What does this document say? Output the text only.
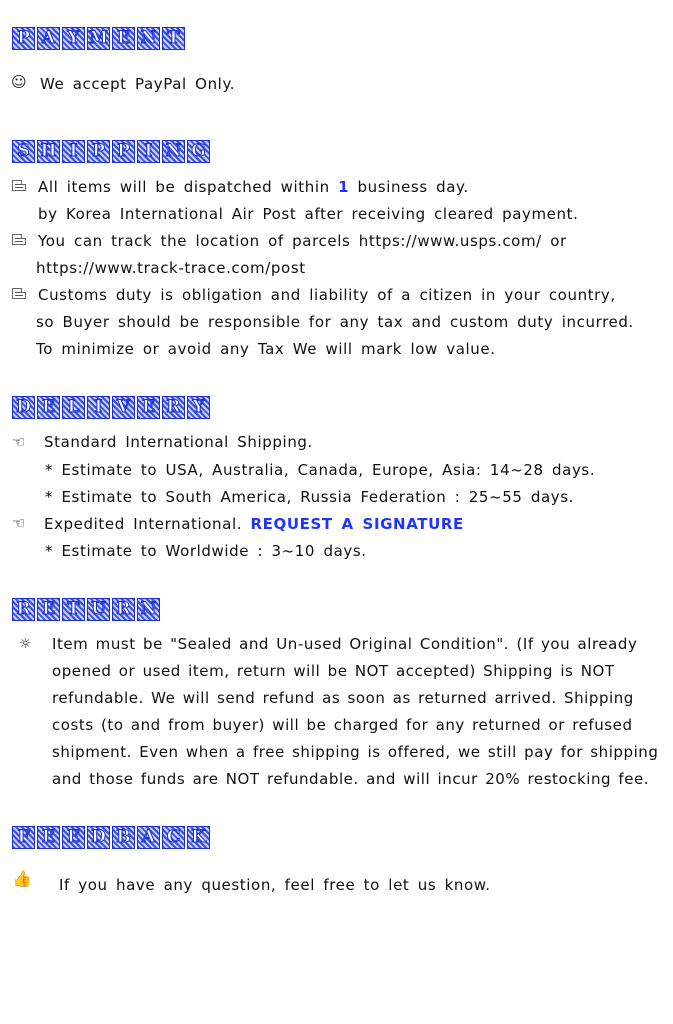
P A Y M E N T
☺ We accept PayPal Only.
S H I P P I N G
All items will be dispatched within 1 business day.
by Korea International Air Post after receiving cleared payment.
You can track the location of parcels https://www.usps.com/ or
https://www.track-trace.com/post
Customs duty is obligation and liability of a citizen in your country,
so Buyer should be responsible for any tax and custom duty incurred.
To minimize or avoid any Tax We will mark low value.
D E L I V E R Y
☜ Standard International Shipping.
* Estimate to USA, Australia, Canada, Europe, Asia: 14~28 days.
* Estimate to South America, Russia Federation : 25~55 days.
☜ Expedited International. REQUEST A SIGNATURE
* Estimate to Worldwide : 3~10 days.
R E T U R N
☼ Item must be "Sealed and Un-used Original Condition". (If you already opened or used item, return will be NOT accepted) Shipping is NOT refundable. We will send refund as soon as returned arrived. Shipping costs (to and from buyer) will be charged for any returned or refused shipment. Even when a free shipping is offered, we still pay for shipping and those funds are NOT refundable. and will incur 20% restocking fee.
F E E D B A C K
👍 If you have any question, feel free to let us know.
